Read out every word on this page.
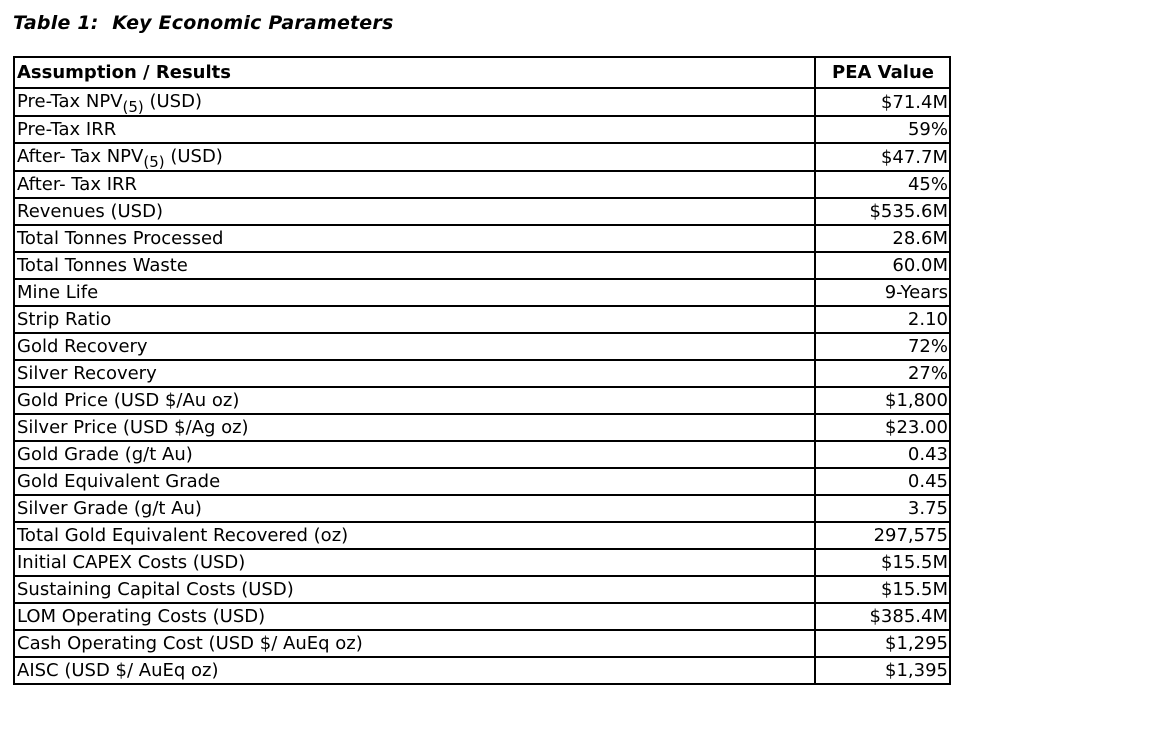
Table 1:  Key Economic Parameters
Assumption / Results	PEA Value
Pre-Tax $NPV_{(5)}$ (USD)	$71.4M
Pre-Tax IRR	59%
After- Tax $NPV_{(5)}$ (USD)	$47.7M
After- Tax IRR	45%
Revenues (USD)	$535.6M
Total Tonnes Processed	28.6M
Total Tonnes Waste	60.0M
Mine Life	9-Years
Strip Ratio	2.10
Gold Recovery	72%
Silver Recovery	27%
Gold Price (USD $/Au oz)	$1,800
Silver Price (USD $/Ag oz)	$23.00
Gold Grade (g/t Au)	0.43
Gold Equivalent Grade	0.45
Silver Grade (g/t Au)	3.75
Total Gold Equivalent Recovered (oz)	297,575
Initial CAPEX Costs (USD)	$15.5M
Sustaining Capital Costs (USD)	$15.5M
LOM Operating Costs (USD)	$385.4M
Cash Operating Cost (USD $/ AuEq oz)	$1,295
AISC (USD $/ AuEq oz)	$1,395
